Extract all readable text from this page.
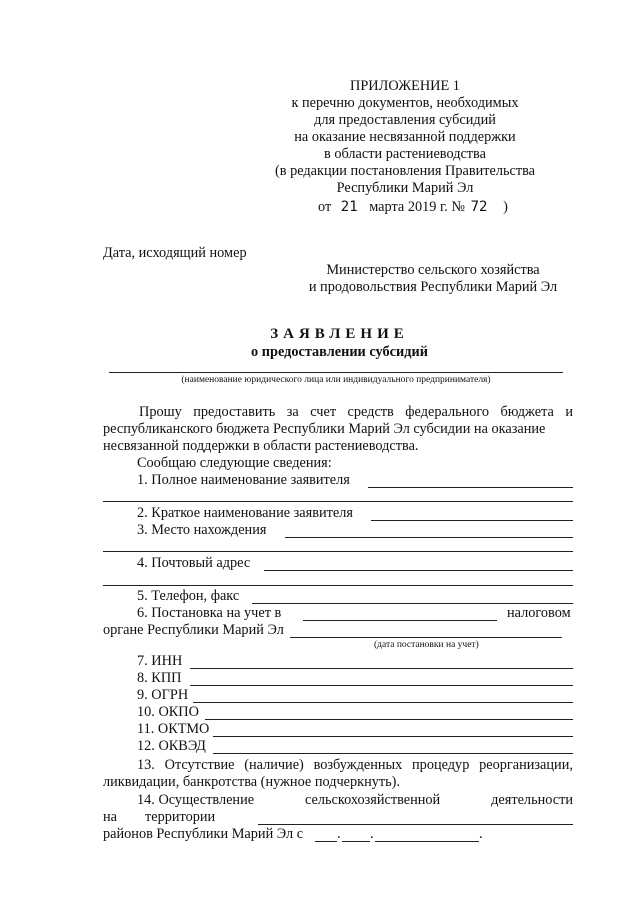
ПРИЛОЖЕНИЕ 1
к перечню документов, необходимых
для предоставления субсидий
на оказание несвязанной поддержки
в области растениеводства
(в редакции постановления Правительства
Республики Марий Эл
от 21 марта 2019 г. № 72 )
Дата, исходящий номер
Министерство сельского хозяйства
и продовольствия Республики Марий Эл
ЗАЯВЛЕНИЕ
о предоставлении субсидий
(наименование юридического лица или индивидуального предпринимателя)
Прошу предоставить за счет средств федерального бюджета и
республиканского бюджета Республики Марий Эл субсидии на оказание
несвязанной поддержки в области растениеводства.
Сообщаю следующие сведения:
1. Полное наименование заявителя
2. Краткое наименование заявителя
3. Место нахождения
4. Почтовый адрес
5. Телефон, факс
6. Постановка на учет в	налоговом
органе Республики Марий Эл
(дата постановки на учет)
7. ИНН
8. КПП
9. ОГРН
10. ОКПО
11. ОКТМО
12. ОКВЭД
13. Отсутствие (наличие) возбужденных процедур реорганизации,
ликвидации, банкротства (нужное подчеркнуть).
14. Осуществление	сельскохозяйственной	деятельности
на территории
районов Республики Марий Эл с . .	.
